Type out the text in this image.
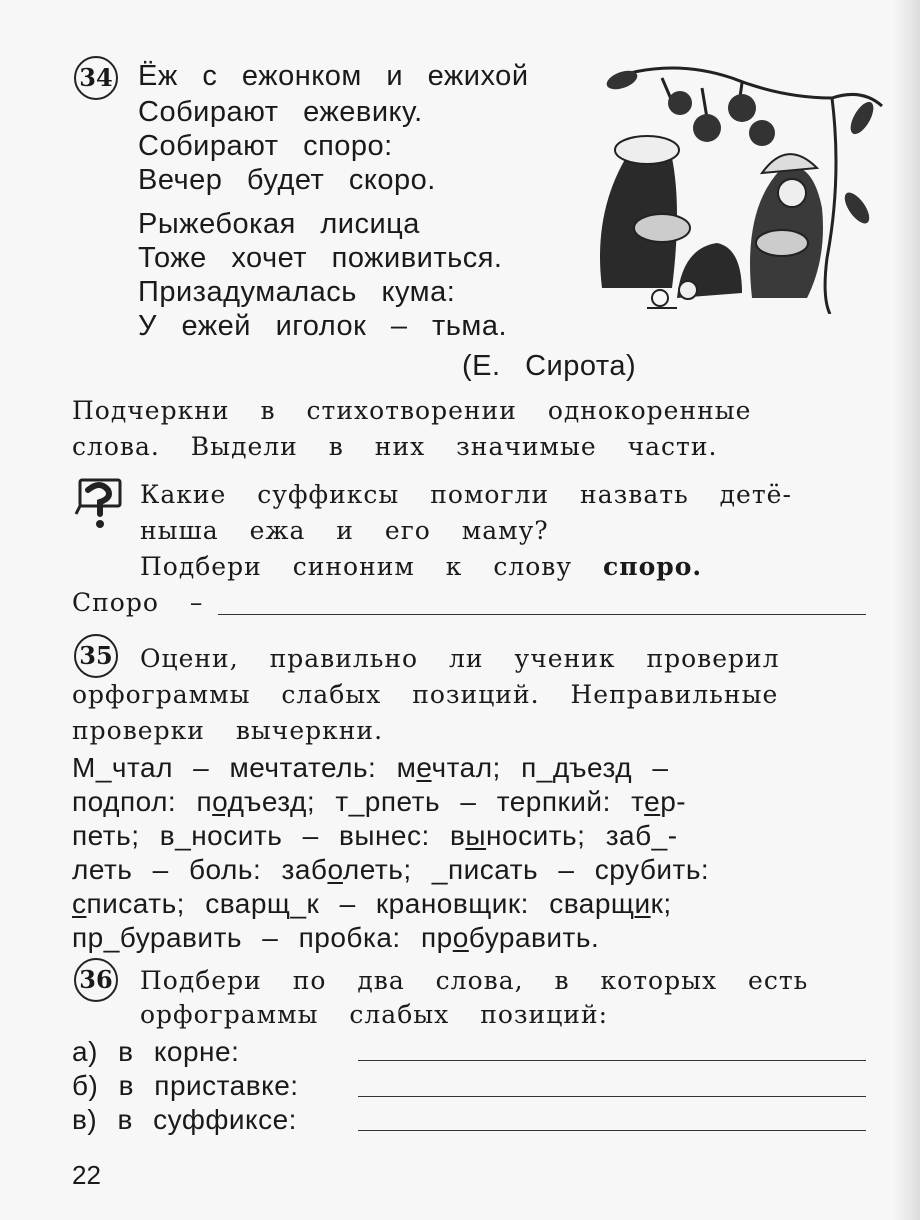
34 Ёж с ежонком и ежихой
Собирают ежевику.
Собирают споро:
Вечер будет скоро.
Рыжебокая лисица
Тоже хочет поживиться.
Призадумалась кума:
У ежей иголок – тьма.
(Е. Сирота)
Подчеркни в стихотворении однокоренные
слова. Выдели в них значимые части.
Какие суффиксы помогли назвать детё-
ныша ежа и его маму?
Подбери синоним к слову споро.
Споро –
35 Оцени, правильно ли ученик проверил
орфограммы слабых позиций. Неправильные
проверки вычеркни.
М_чтал – мечтатель: мечтал; п_дъезд –
подпол: подъезд; т_рпеть – терпкий: тер-
петь; в_носить – вынес: выносить; заб_-
леть – боль: заболеть; _писать – срубить:
списать; сварщ_к – крановщик: сварщик;
пр_буравить – пробка: пробуравить.
36 Подбери по два слова, в которых есть
орфограммы слабых позиций:
а) в корне:
б) в приставке:
в) в суффиксе:
22
